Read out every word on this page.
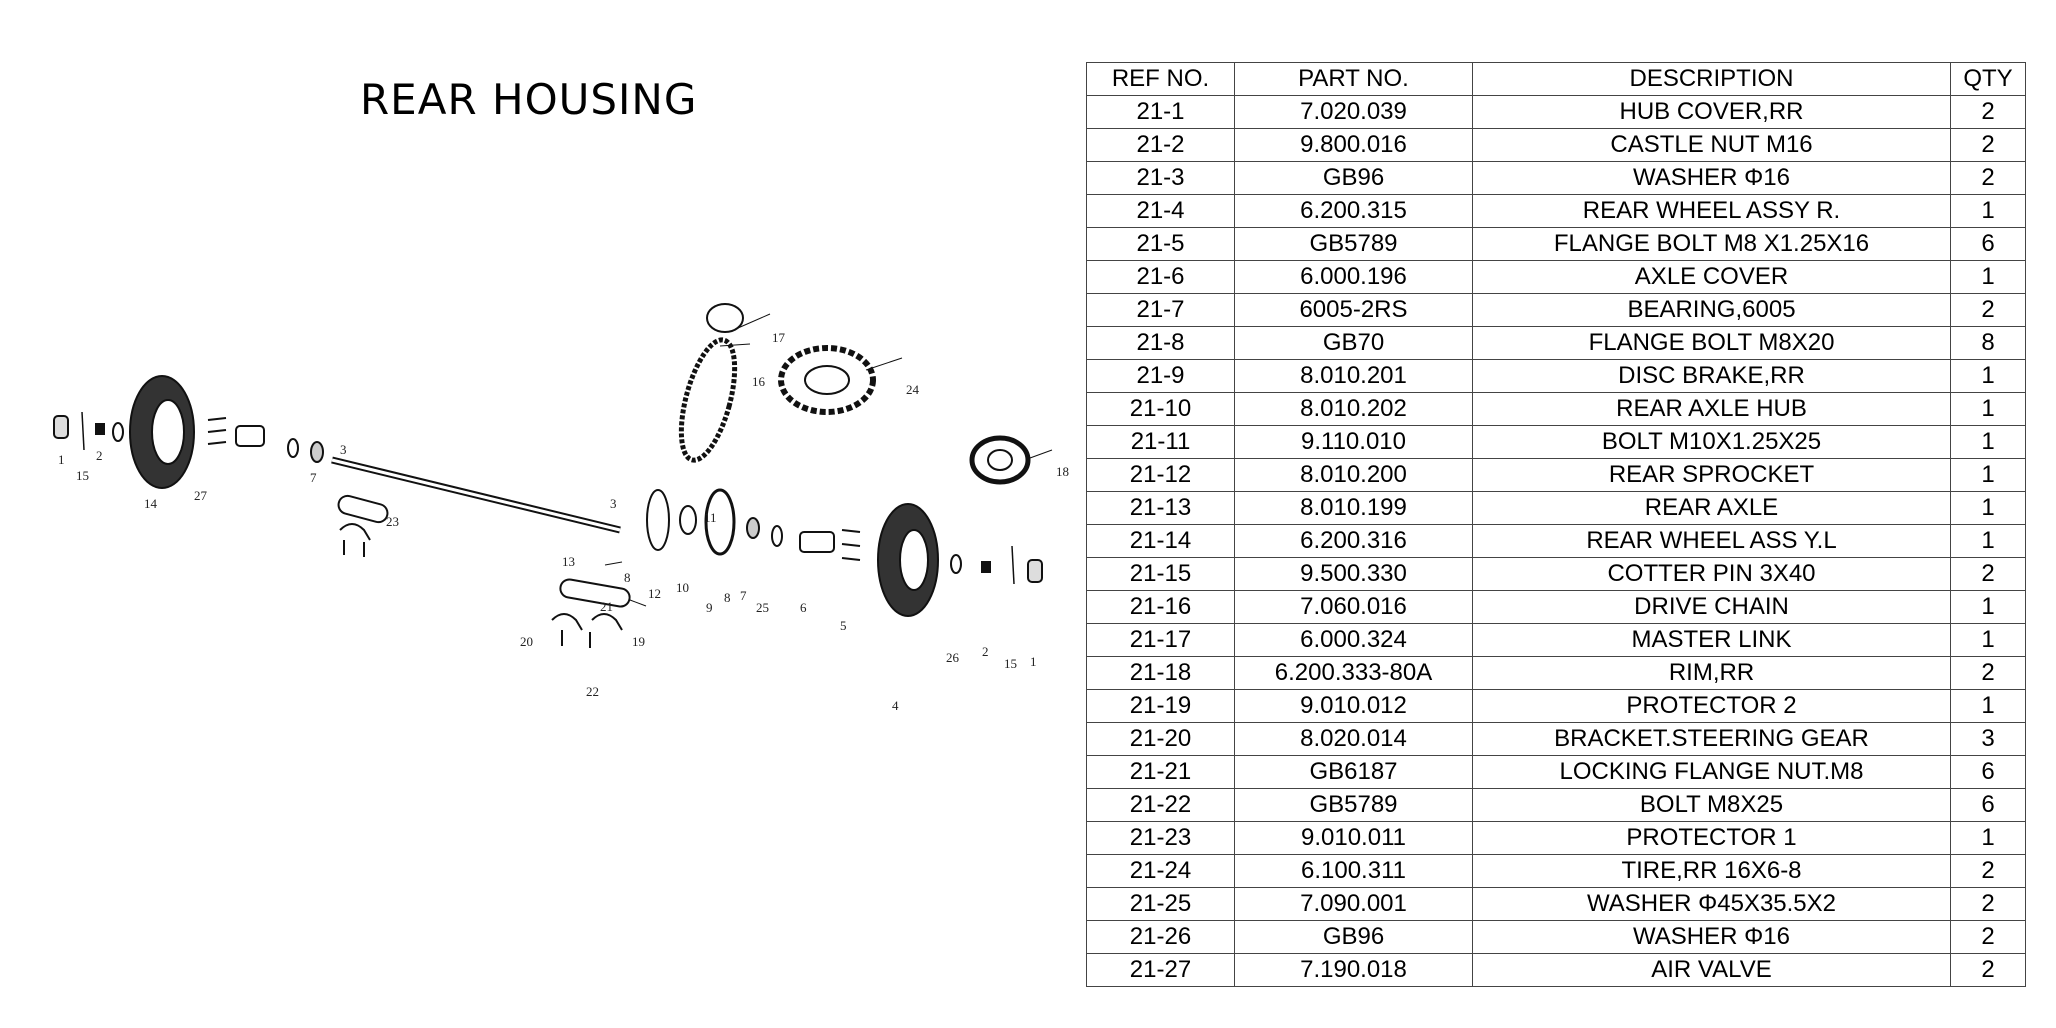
REAR HOUSING
1
15
2
14
27
7
3
23
13
3
8
12
11
10
9
8 7
25 6
5
4
26 2
15 1
21
20	19
22
17
16
24
18
REF NO.	PART NO.	DESCRIPTION	QTY
21-1	7.020.039	HUB COVER,RR	2
21-2	9.800.016	CASTLE NUT M16	2
21-3	GB96	WASHER Φ16	2
21-4	6.200.315	REAR WHEEL ASSY R.	1
21-5	GB5789	FLANGE BOLT M8 X1.25X16	6
21-6	6.000.196	AXLE COVER	1
21-7	6005-2RS	BEARING,6005	2
21-8	GB70	FLANGE BOLT M8X20	8
21-9	8.010.201	DISC BRAKE,RR	1
21-10	8.010.202	REAR AXLE HUB	1
21-11	9.110.010	BOLT M10X1.25X25	1
21-12	8.010.200	REAR SPROCKET	1
21-13	8.010.199	REAR AXLE	1
21-14	6.200.316	REAR WHEEL ASS Y.L	1
21-15	9.500.330	COTTER PIN 3X40	2
21-16	7.060.016	DRIVE CHAIN	1
21-17	6.000.324	MASTER LINK	1
21-18	6.200.333-80A	RIM,RR	2
21-19	9.010.012	PROTECTOR 2	1
21-20	8.020.014	BRACKET.STEERING GEAR	3
21-21	GB6187	LOCKING FLANGE NUT.M8	6
21-22	GB5789	BOLT M8X25	6
21-23	9.010.011	PROTECTOR 1	1
21-24	6.100.311	TIRE,RR 16X6-8	2
21-25	7.090.001	WASHER Φ45X35.5X2	2
21-26	GB96	WASHER Φ16	2
21-27	7.190.018	AIR VALVE	2
